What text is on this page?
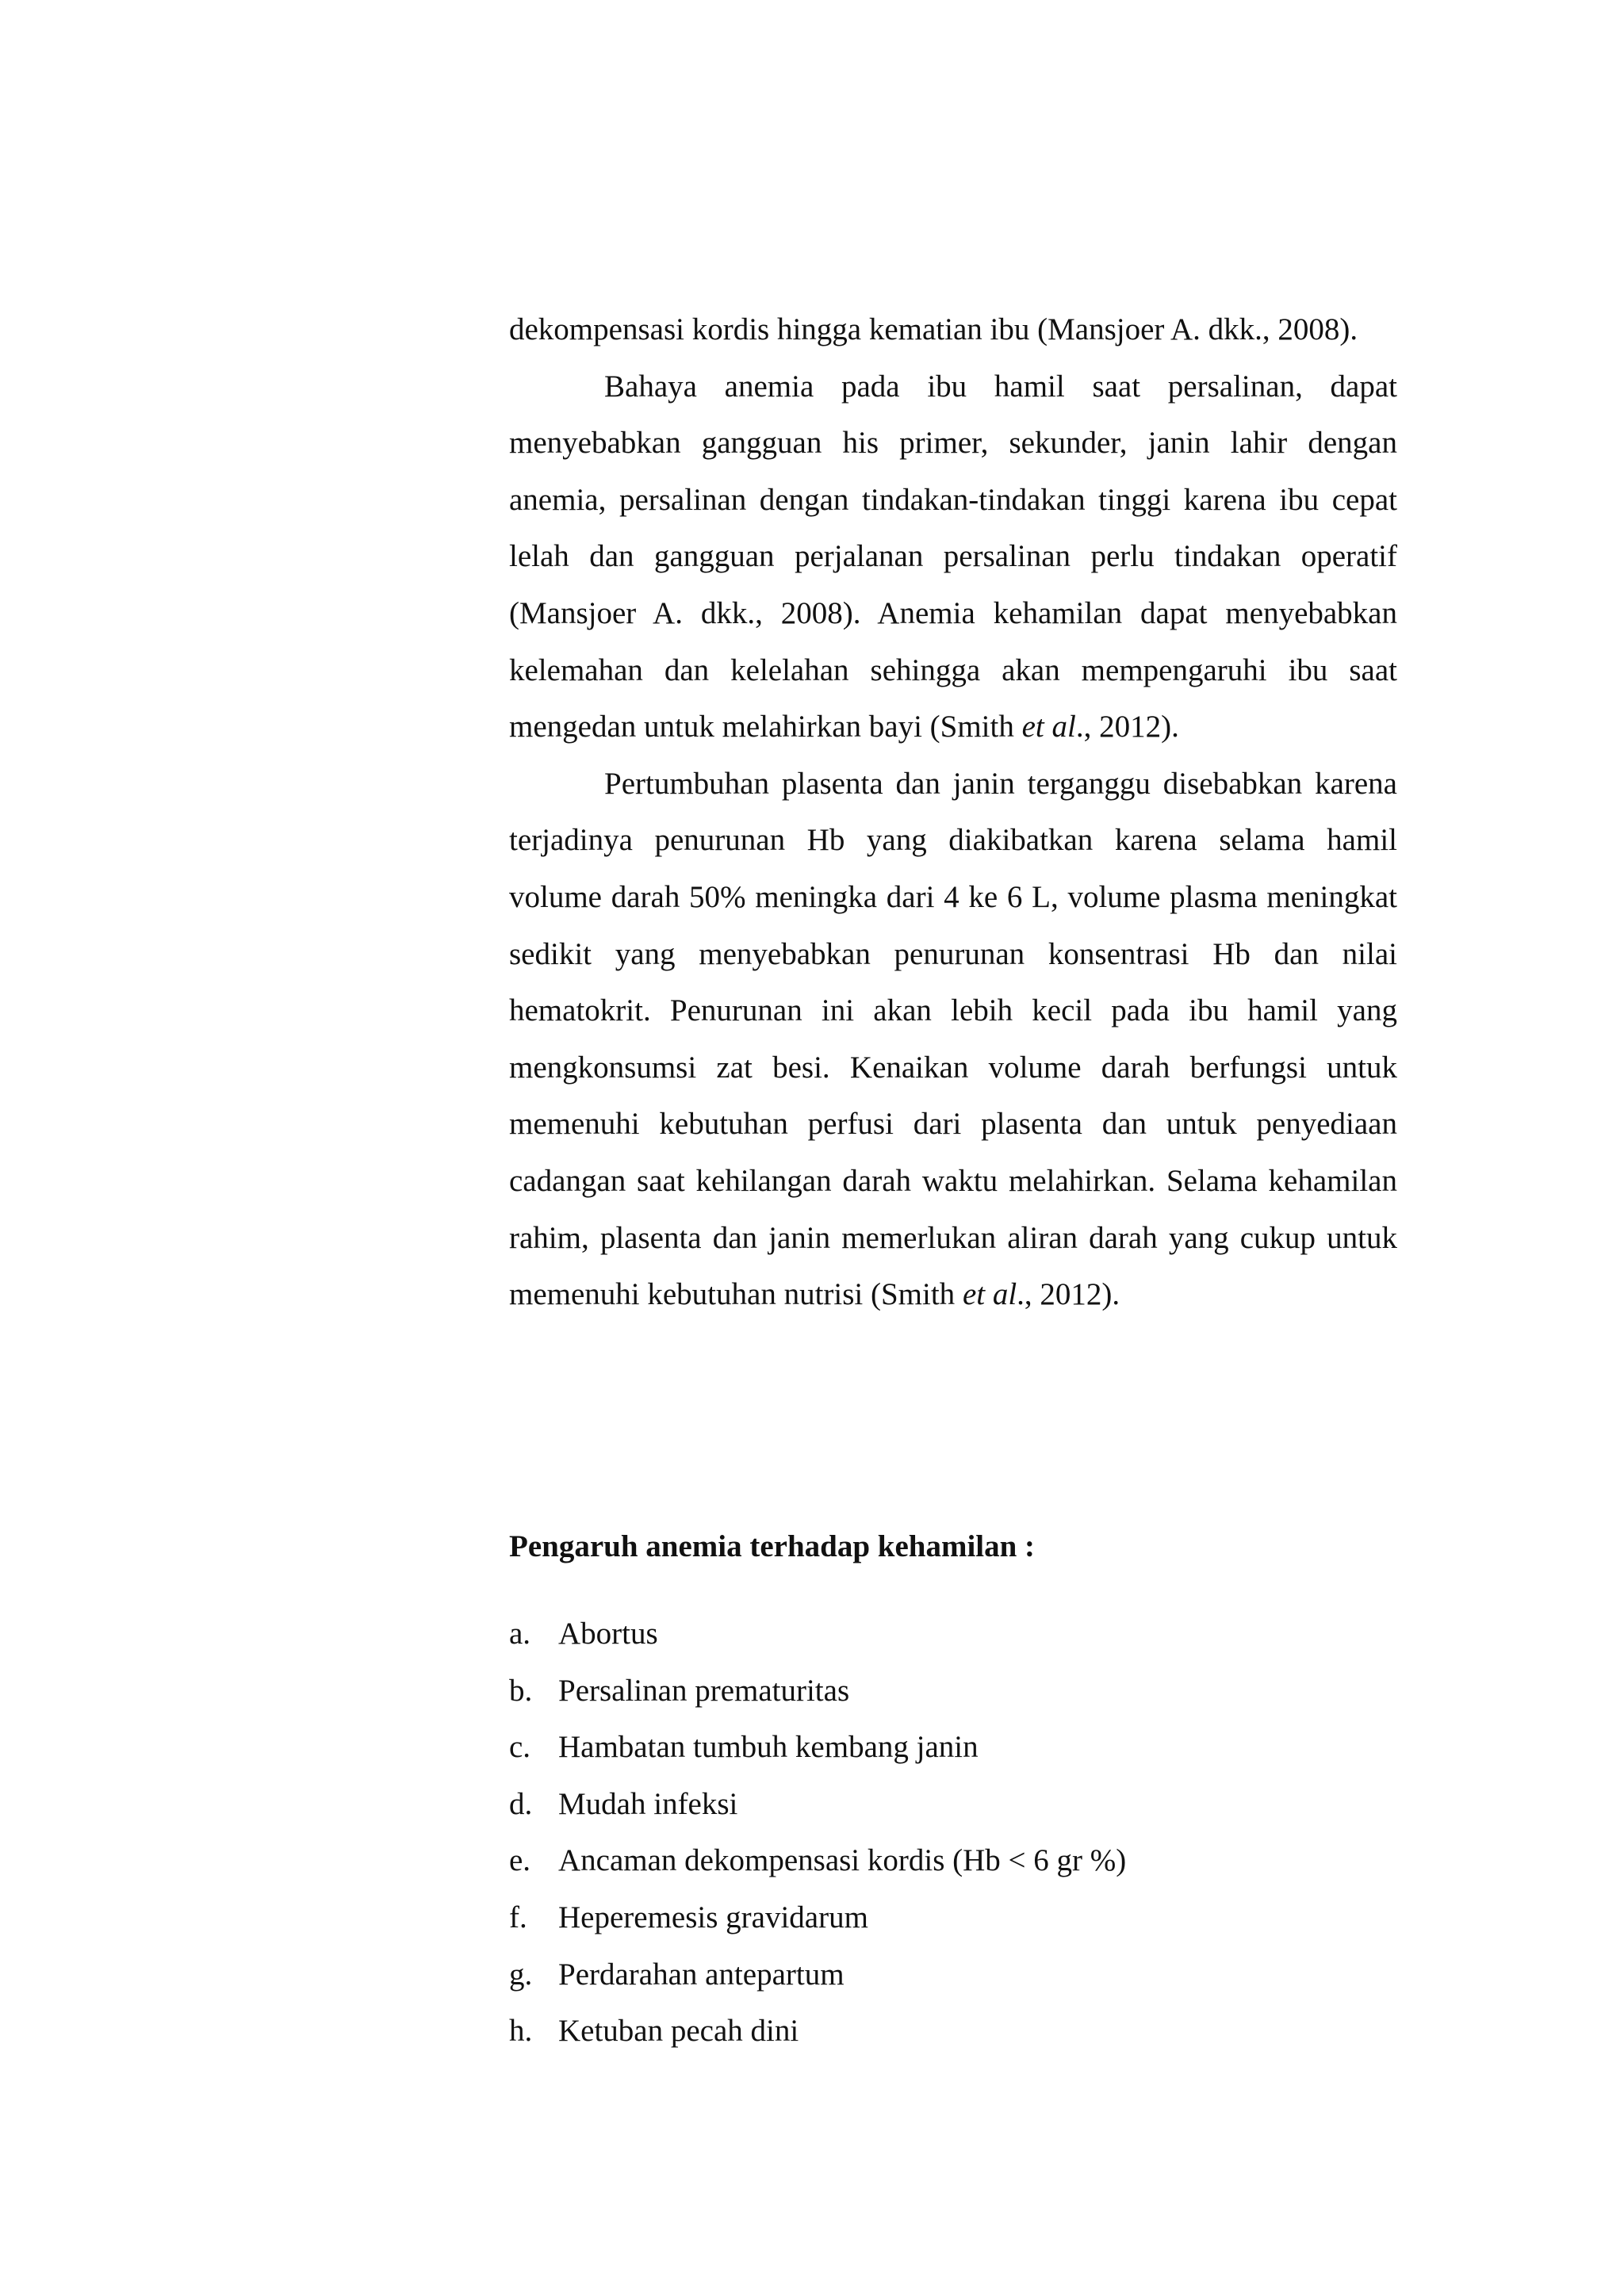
dekompensasi kordis hingga kematian ibu (Mansjoer A. dkk., 2008).

Bahaya anemia pada ibu hamil saat persalinan, dapat menyebabkan gangguan his primer, sekunder, janin lahir dengan anemia, persalinan dengan tindakan-tindakan tinggi karena ibu cepat lelah dan gangguan perjalanan persalinan perlu tindakan operatif (Mansjoer A. dkk., 2008). Anemia kehamilan dapat menyebabkan kelemahan dan kelelahan sehingga akan mempengaruhi ibu saat mengedan untuk melahirkan bayi (Smith et al., 2012).

Pertumbuhan plasenta dan janin terganggu disebabkan karena terjadinya penurunan Hb yang diakibatkan karena selama hamil volume darah 50% meningka dari 4 ke 6 L, volume plasma meningkat sedikit yang menyebabkan penurunan konsentrasi Hb dan nilai hematokrit. Penurunan ini akan lebih kecil pada ibu hamil yang mengkonsumsi zat besi. Kenaikan volume darah berfungsi untuk memenuhi kebutuhan perfusi dari plasenta dan untuk penyediaan cadangan saat kehilangan darah waktu melahirkan. Selama kehamilan rahim, plasenta dan janin memerlukan aliran darah yang cukup untuk memenuhi kebutuhan nutrisi (Smith et al., 2012).

Pengaruh anemia terhadap kehamilan :
a. Abortus
b. Persalinan prematuritas
c. Hambatan tumbuh kembang janin
d. Mudah infeksi
e. Ancaman dekompensasi kordis (Hb < 6 gr %)
f.	Heperemesis gravidarum
g. Perdarahan antepartum
h. Ketuban pecah dini
